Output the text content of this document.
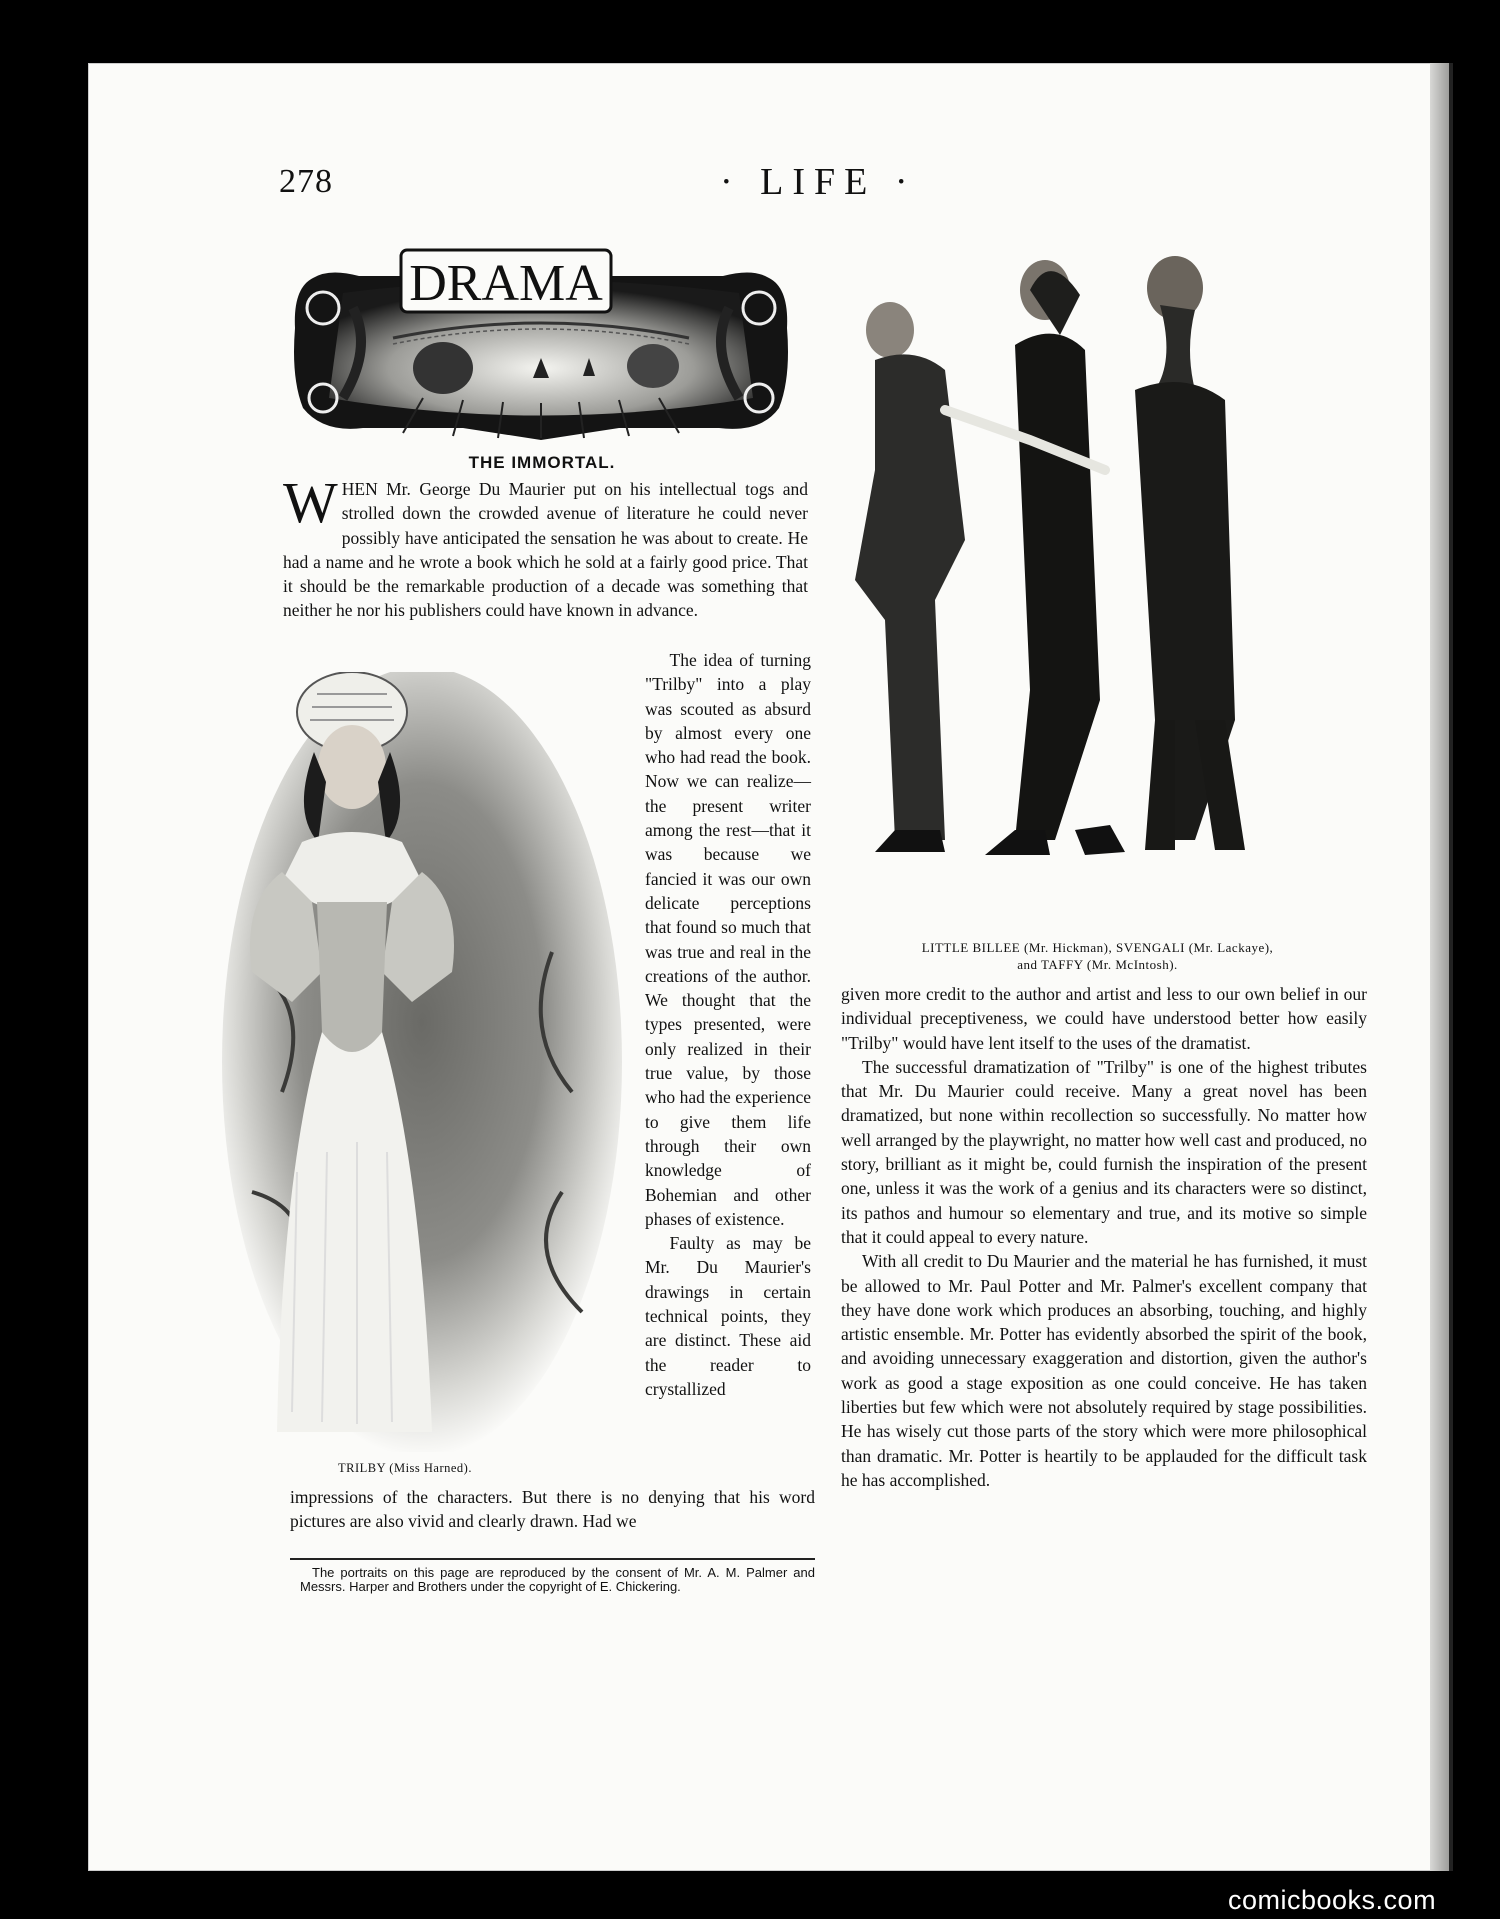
278	· LIFE ·
DRAMA
THE IMMORTAL.
WHEN Mr. George Du Maurier put on his intellectual togs and strolled down the crowded avenue of literature he could never possibly have anticipated the sensation he was about to create. He had a name and he wrote a book which he sold at a fairly good price. That it should be the remarkable production of a decade was something that neither he nor his publishers could have known in advance.
TRILBY (Miss Harned).

The idea of turning "Trilby" into a play was scouted as absurd by almost every one who had read the book. Now we can realize—the present writer among the rest—that it was because we fancied it was our own delicate perceptions that found so much that was true and real in the creations of the author. We thought that the types presented, were only realized in their true value, by those who had the experience to give them life through their own knowledge of Bohemian and other phases of existence.

Faulty as may be Mr. Du Maurier's drawings in certain technical points, they are distinct. These aid the reader to crystallized

impressions of the characters. But there is no denying that his word pictures are also vivid and clearly drawn. Had we
The portraits on this page are reproduced by the consent of Mr. A. M. Palmer and Messrs. Harper and Brothers under the copyright of E. Chickering.
LITTLE BILLEE (Mr. Hickman), SVENGALI (Mr. Lackaye),
and TAFFY (Mr. McIntosh).

given more credit to the author and artist and less to our own belief in our individual preceptiveness, we could have understood better how easily "Trilby" would have lent itself to the uses of the dramatist.

The successful dramatization of "Trilby" is one of the highest tributes that Mr. Du Maurier could receive. Many a great novel has been dramatized, but none within recollection so successfully. No matter how well arranged by the playwright, no matter how well cast and produced, no story, brilliant as it might be, could furnish the inspiration of the present one, unless it was the work of a genius and its characters were so distinct, its pathos and humour so elementary and true, and its motive so simple that it could appeal to every nature.

With all credit to Du Maurier and the material he has furnished, it must be allowed to Mr. Paul Potter and Mr. Palmer's excellent company that they have done work which produces an absorbing, touching, and highly artistic ensemble. Mr. Potter has evidently absorbed the spirit of the book, and avoiding unnecessary exaggeration and distortion, given the author's work as good a stage exposition as one could conceive. He has taken liberties but few which were not absolutely required by stage possibilities. He has wisely cut those parts of the story which were more philosophical than dramatic. Mr. Potter is heartily to be applauded for the difficult task he has accomplished.

comicbooks.com
